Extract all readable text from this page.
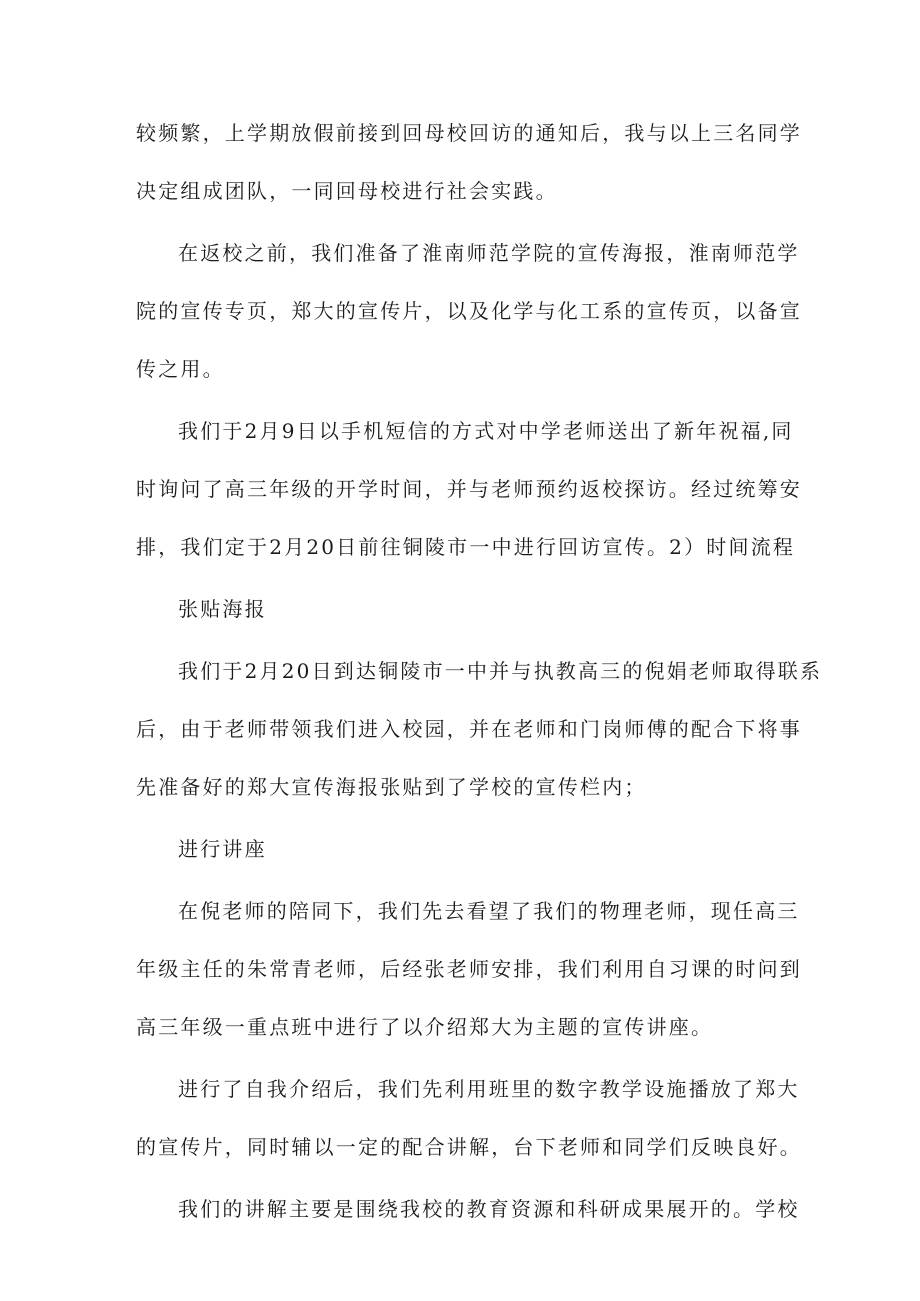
较频繁，上学期放假前接到回母校回访的通知后，我与以上三名同学
决定组成团队，一同回母校进行社会实践。
在返校之前，我们准备了淮南师范学院的宣传海报，淮南师范学
院的宣传专页，郑大的宣传片，以及化学与化工系的宣传页，以备宣
传之用。
我们于2月9日以手机短信的方式对中学老师送出了新年祝福,同
时询问了高三年级的开学时间，并与老师预约返校探访。经过统筹安
排，我们定于2月20日前往铜陵市一中进行回访宣传。2）时间流程
张贴海报
我们于2月20日到达铜陵市一中并与执教高三的倪娟老师取得联系
后，由于老师带领我们进入校园，并在老师和门岗师傅的配合下将事
先准备好的郑大宣传海报张贴到了学校的宣传栏内；
进行讲座
在倪老师的陪同下，我们先去看望了我们的物理老师，现任高三
年级主任的朱常青老师，后经张老师安排，我们利用自习课的时问到
高三年级一重点班中进行了以介绍郑大为主题的宣传讲座。
进行了自我介绍后，我们先利用班里的数字教学设施播放了郑大
的宣传片，同时辅以一定的配合讲解，台下老师和同学们反映良好。
我们的讲解主要是围绕我校的教育资源和科研成果展开的。学校
